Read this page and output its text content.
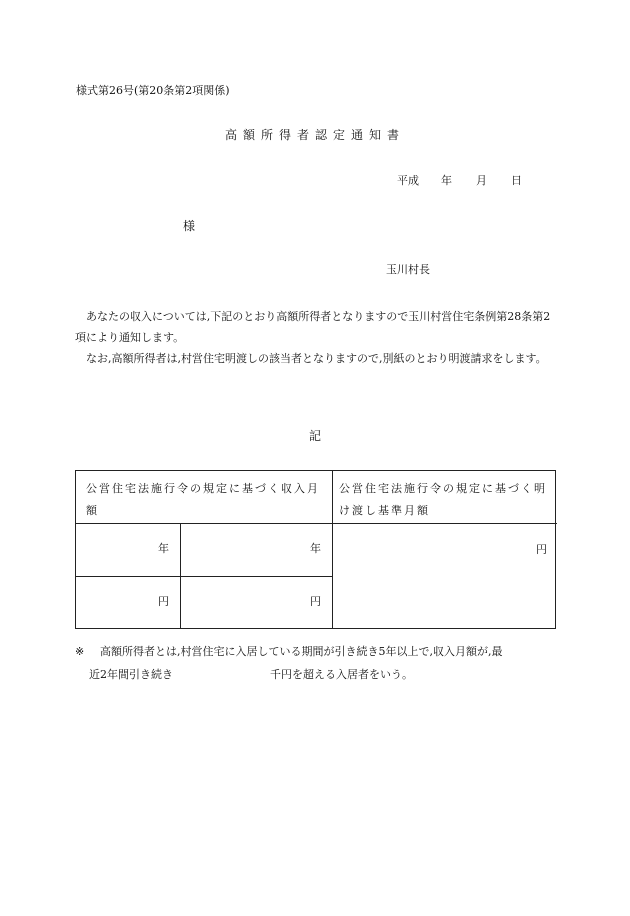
様式第26号(第20条第2項関係)
高額所得者認定通知書
平成 年 月 日
様
玉川村長

あなたの収入については,下記のとおり高額所得者となりますので玉川村営住宅条例第28条第2項により通知します。

なお,高額所得者は,村営住宅明渡しの該当者となりますので,別紙のとおり明渡請求をします。

記
公営住宅法施行令の規定に基づく収入月額
公営住宅法施行令の規定に基づく明け渡し基準月額
年	年
円	円
円
※ 高額所得者とは,村営住宅に入居している期間が引き続き5年以上で,収入月額が,最
近2年間引き続き	千円を超える入居者をいう。
